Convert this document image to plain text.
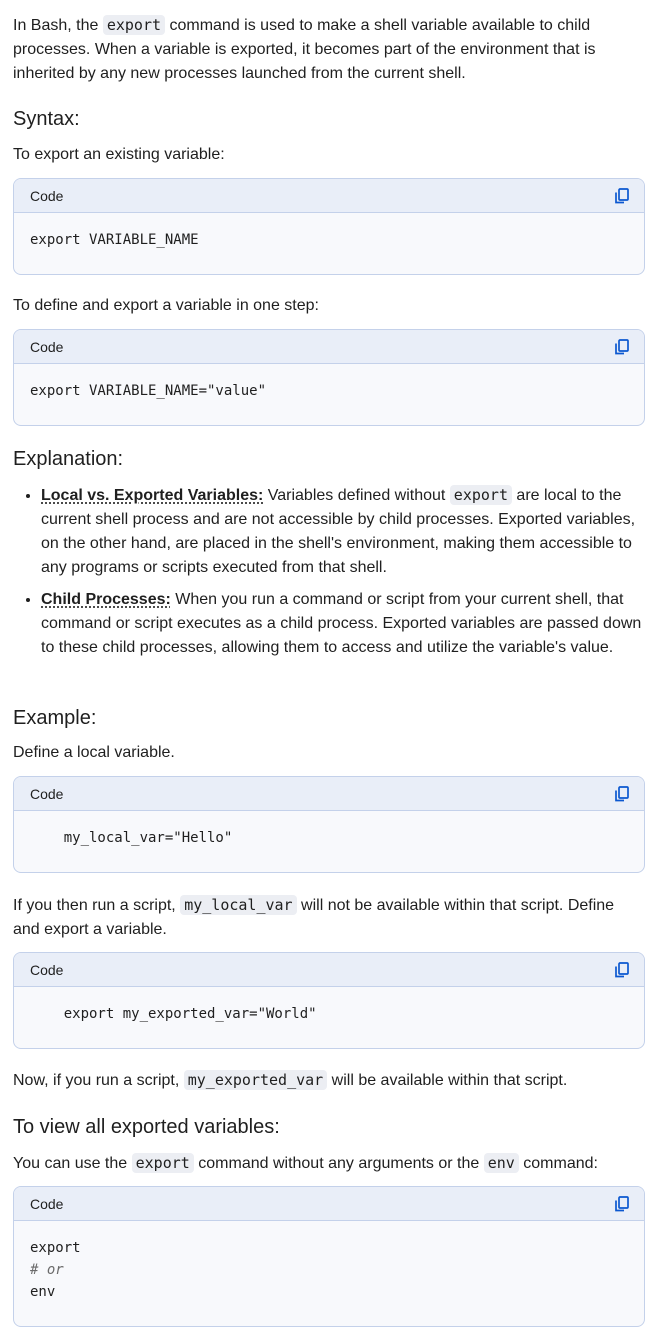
In Bash, the export command is used to make a shell variable available to child processes. When a variable is exported, it becomes part of the environment that is inherited by any new processes launched from the current shell.

Syntax:

To export an existing variable:

Code
export VARIABLE_NAME

To define and export a variable in one step:

Code
export VARIABLE_NAME="value"
Explanation:
• Local vs. Exported Variables: Variables defined without export are local to the current shell process and are not accessible by child processes. Exported variables, on the other hand, are placed in the shell's environment, making them accessible to any programs or scripts executed from that shell.
• Child Processes: When you run a command or script from your current shell, that command or script executes as a child process. Exported variables are passed down to these child processes, allowing them to access and utilize the variable's value.
Example:

Define a local variable.

Code
my_local_var="Hello"

If you then run a script, my_local_var will not be available within that script. Define and export a variable.

Code
export my_exported_var="World"

Now, if you run a script, my_exported_var will be available within that script.

To view all exported variables:

You can use the export command without any arguments or the env command:

Code
export
# or
env
